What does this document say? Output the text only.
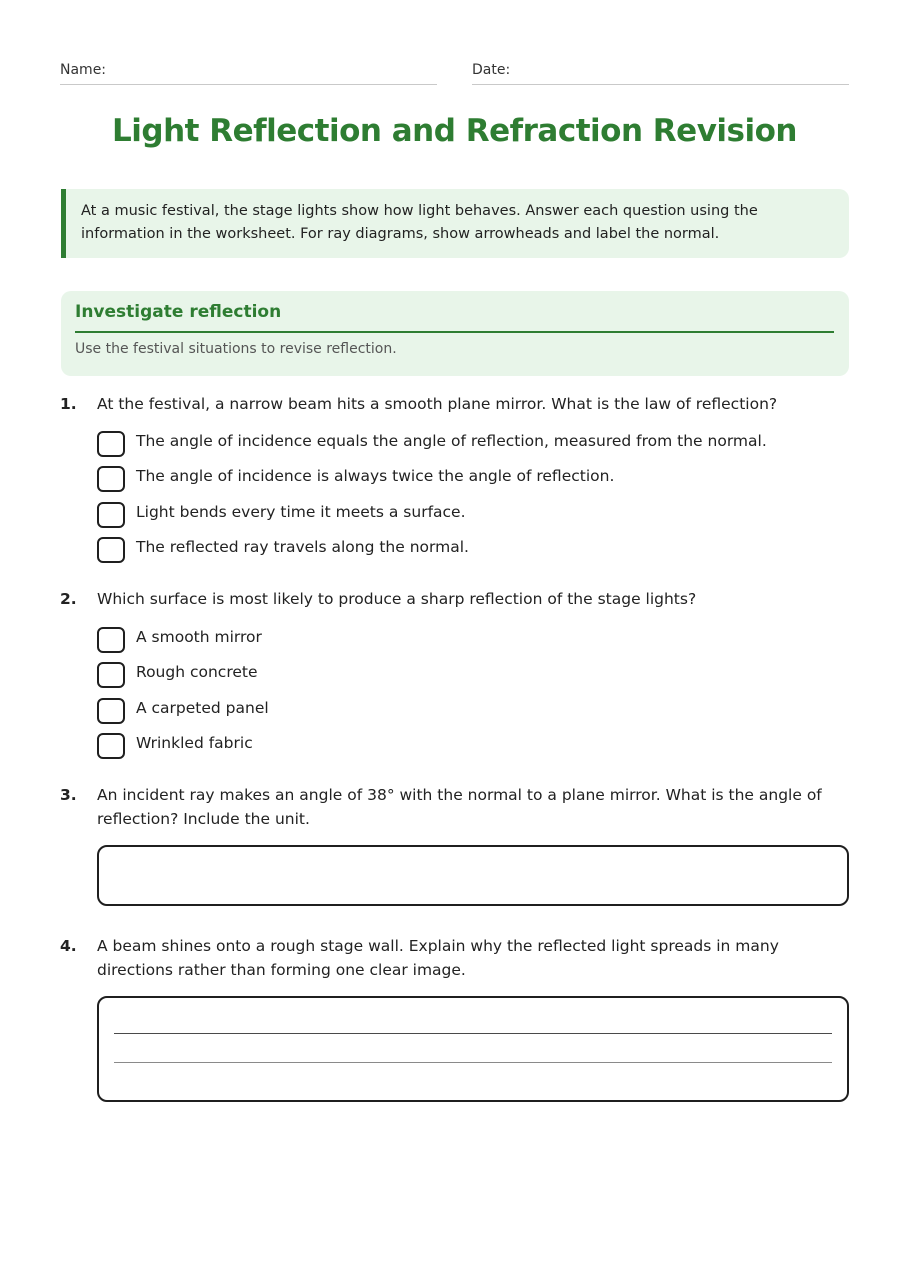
Name:	Date:
Light Reflection and Refraction Revision
At a music festival, the stage lights show how light behaves. Answer each question using the information in the worksheet. For ray diagrams, show arrowheads and label the normal.
Investigate reflection
Use the festival situations to revise reflection.
1. At the festival, a narrow beam hits a smooth plane mirror. What is the law of reflection?
The angle of incidence equals the angle of reflection, measured from the normal.
The angle of incidence is always twice the angle of reflection.
Light bends every time it meets a surface.
The reflected ray travels along the normal.
2. Which surface is most likely to produce a sharp reflection of the stage lights?
A smooth mirror
Rough concrete
A carpeted panel
Wrinkled fabric
3. An incident ray makes an angle of 38° with the normal to a plane mirror. What is the angle of reflection? Include the unit.
4. A beam shines onto a rough stage wall. Explain why the reflected light spreads in many directions rather than forming one clear image.
